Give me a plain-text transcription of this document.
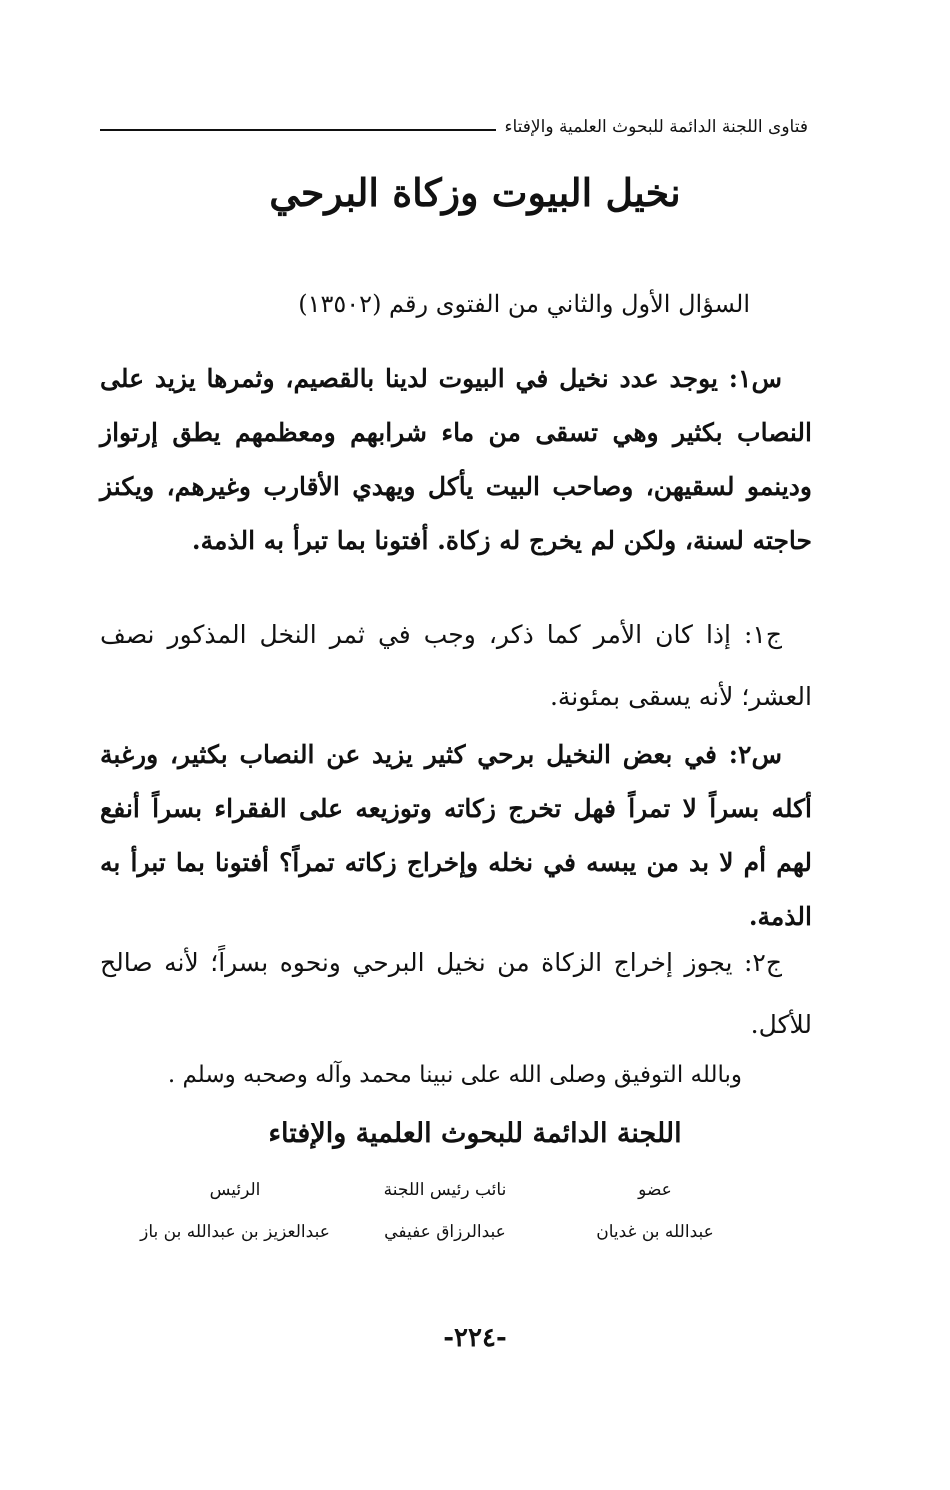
فتاوى اللجنة الدائمة للبحوث العلمية والإفتاء
نخيل البيوت وزكاة البرحي
السؤال الأول والثاني من الفتوى رقم (١٣٥٠٢)

س١: يوجد عدد نخيل في البيوت لدينا بالقصيم، وثمرها يزيد على النصاب بكثير وهي تسقى من ماء شرابهم ومعظمهم يطق إرتواز ودينمو لسقيهن، وصاحب البيت يأكل ويهدي الأقارب وغيرهم، ويكنز حاجته لسنة، ولكن لم يخرج له زكاة. أفتونا بما تبرأ به الذمة.

ج١: إذا كان الأمر كما ذكر، وجب في ثمر النخل المذكور نصف العشر؛ لأنه يسقى بمئونة.

س٢: في بعض النخيل برحي كثير يزيد عن النصاب بكثير، ورغبة أكله بسراً لا تمراً فهل تخرج زكاته وتوزيعه على الفقراء بسراً أنفع لهم أم لا بد من يبسه في نخله وإخراج زكاته تمراً؟ أفتونا بما تبرأ به الذمة.

ج٢: يجوز إخراج الزكاة من نخيل البرحي ونحوه بسراً؛ لأنه صالح للأكل.

وبالله التوفيق وصلى الله على نبينا محمد وآله وصحبه وسلم .
اللجنة الدائمة للبحوث العلمية والإفتاء
عضو
نائب رئيس اللجنة
الرئيس
عبدالله بن غديان
عبدالرزاق عفيفي
عبدالعزيز بن عبدالله بن باز
-٢٢٤-
